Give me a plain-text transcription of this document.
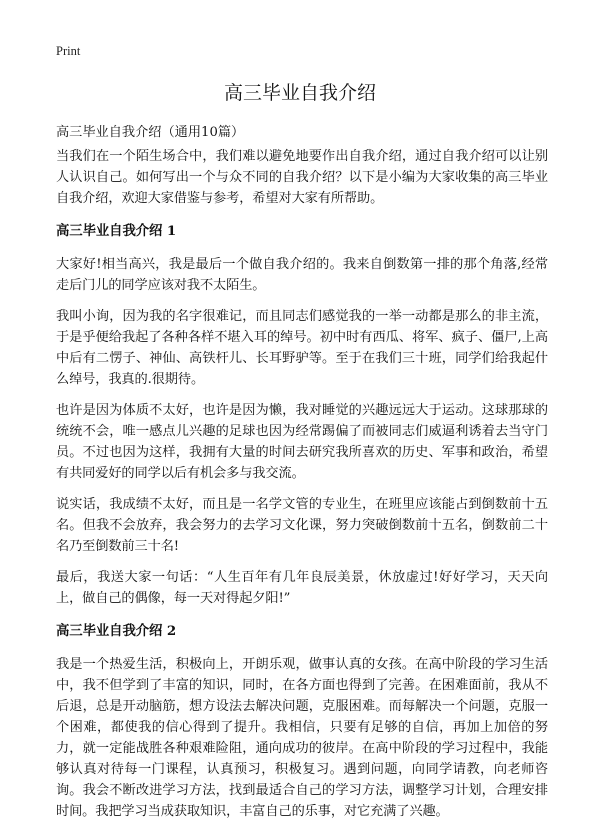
Print
高三毕业自我介绍

高三毕业自我介绍（通用10篇）

当我们在一个陌生场合中，我们难以避免地要作出自我介绍，通过自我介绍可以让别人认识自己。如何写出一个与众不同的自我介绍？以下是小编为大家收集的高三毕业自我介绍，欢迎大家借鉴与参考，希望对大家有所帮助。

高三毕业自我介绍 1

大家好!相当高兴，我是最后一个做自我介绍的。我来自倒数第一排的那个角落,经常走后门儿的同学应该对我不太陌生。

我叫小询，因为我的名字很难记，而且同志们感觉我的一举一动都是那么的非主流，于是乎便给我起了各种各样不堪入耳的绰号。初中时有西瓜、将军、疯子、僵尸,上高中后有二愣子、神仙、高铁杆儿、长耳野驴等。至于在我们三十班，同学们给我起什么绰号，我真的.很期待。

也许是因为体质不太好，也许是因为懒，我对睡觉的兴趣远远大于运动。这球那球的统统不会，唯一感点儿兴趣的足球也因为经常踢偏了而被同志们威逼利诱着去当守门员。不过也因为这样，我拥有大量的时间去研究我所喜欢的历史、军事和政治，希望有共同爱好的同学以后有机会多与我交流。

说实话，我成绩不太好，而且是一名学文管的专业生，在班里应该能占到倒数前十五名。但我不会放弃，我会努力的去学习文化课，努力突破倒数前十五名，倒数前二十名乃至倒数前三十名!

最后，我送大家一句话：“人生百年有几年良辰美景，休放虚过!好好学习，天天向上，做自己的偶像，每一天对得起夕阳!”

高三毕业自我介绍 2

我是一个热爱生活，积极向上，开朗乐观，做事认真的女孩。在高中阶段的学习生活中，我不但学到了丰富的知识，同时，在各方面也得到了完善。在困难面前，我从不后退，总是开动脑筋，想方设法去解决问题，克服困难。而每解决一个问题，克服一个困难，都使我的信心得到了提升。我相信，只要有足够的自信，再加上加倍的努力，就一定能战胜各种艰难险阻，通向成功的彼岸。在高中阶段的学习过程中，我能够认真对待每一门课程，认真预习，积极复习。遇到问题，向同学请教，向老师咨询。我会不断改进学习方法，找到最适合自己的学习方法，调整学习计划，合理安排时间。我把学习当成获取知识，丰富自己的乐事，对它充满了兴趣。
